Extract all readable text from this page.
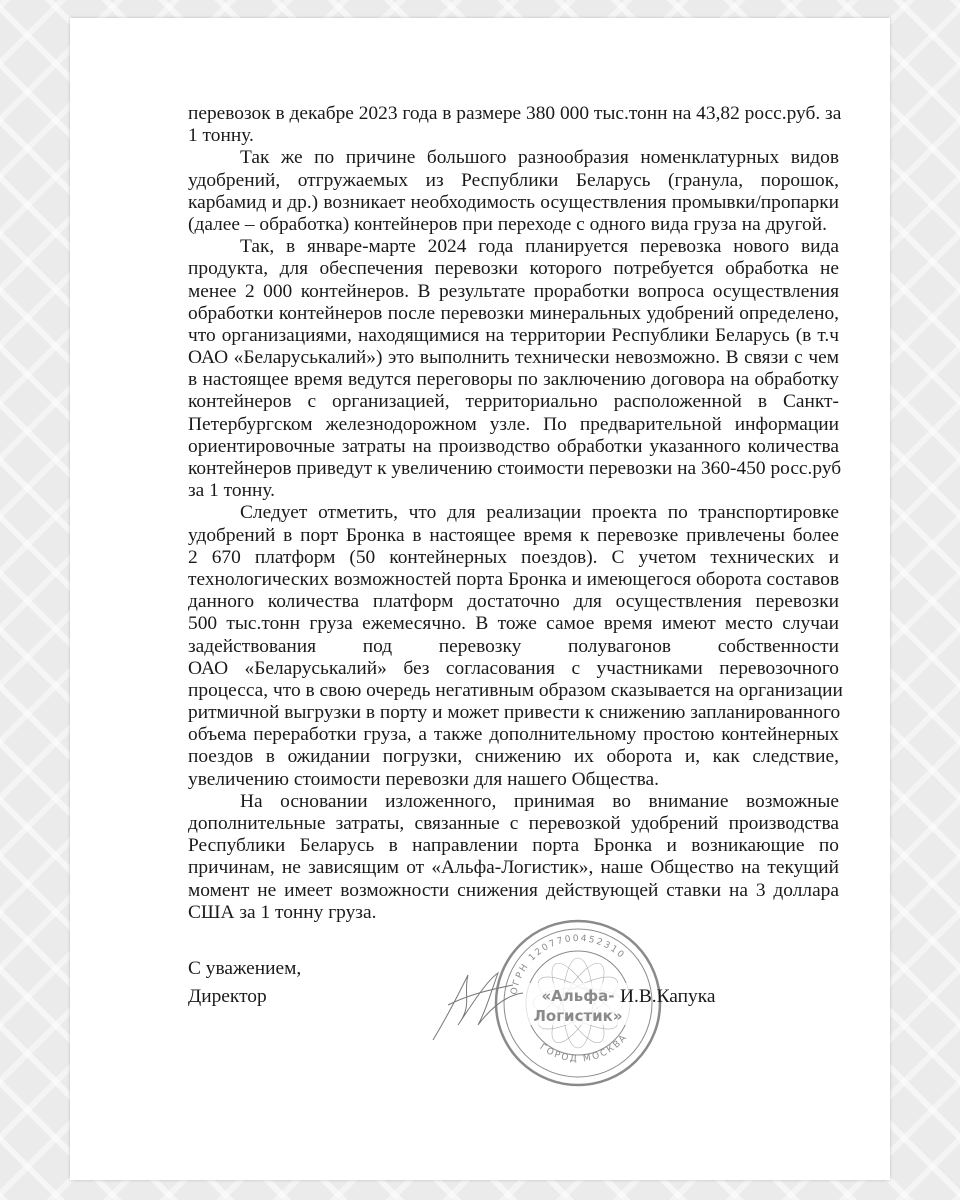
перевозок в декабре 2023 года в размере 380 000 тыс.тонн на 43,82 росс.руб. за
1 тонну.
Так же по причине большого разнообразия номенклатурных видов
удобрений, отгружаемых из Республики Беларусь (гранула, порошок,
карбамид и др.) возникает необходимость осуществления промывки/пропарки
(далее – обработка) контейнеров при переходе с одного вида груза на другой.
Так, в январе-марте 2024 года планируется перевозка нового вида
продукта, для обеспечения перевозки которого потребуется обработка не
менее 2 000 контейнеров. В результате проработки вопроса осуществления
обработки контейнеров после перевозки минеральных удобрений определено,
что организациями, находящимися на территории Республики Беларусь (в т.ч
ОАО «Беларуськалий») это выполнить технически невозможно. В связи с чем
в настоящее время ведутся переговоры по заключению договора на обработку
контейнеров с организацией, территориально расположенной в Санкт-
Петербургском железнодорожном узле. По предварительной информации
ориентировочные затраты на производство обработки указанного количества
контейнеров приведут к увеличению стоимости перевозки на 360-450 росс.руб
за 1 тонну.
Следует отметить, что для реализации проекта по транспортировке
удобрений в порт Бронка в настоящее время к перевозке привлечены более
2 670 платформ (50 контейнерных поездов). С учетом технических и
технологических возможностей порта Бронка и имеющегося оборота составов
данного количества платформ достаточно для осуществления перевозки
500 тыс.тонн груза ежемесячно. В тоже самое время имеют место случаи
задействования под перевозку полувагонов собственности
ОАО «Беларуськалий» без согласования с участниками перевозочного
процесса, что в свою очередь негативным образом сказывается на организации
ритмичной выгрузки в порту и может привести к снижению запланированного
объема переработки груза, а также дополнительному простою контейнерных
поездов в ожидании погрузки, снижению их оборота и, как следствие,
увеличению стоимости перевозки для нашего Общества.
На основании изложенного, принимая во внимание возможные
дополнительные затраты, связанные с перевозкой удобрений производства
Республики Беларусь в направлении порта Бронка и возникающие по
причинам, не зависящим от «Альфа-Логистик», наше Общество на текущий
момент не имеет возможности снижения действующей ставки на 3 доллара
США за 1 тонну груза.
С уважением,
Директор	ОГРН 1207700452310
ГОРОД МОСКВА
«Альфа-
Логистик»
И.В.Капука
